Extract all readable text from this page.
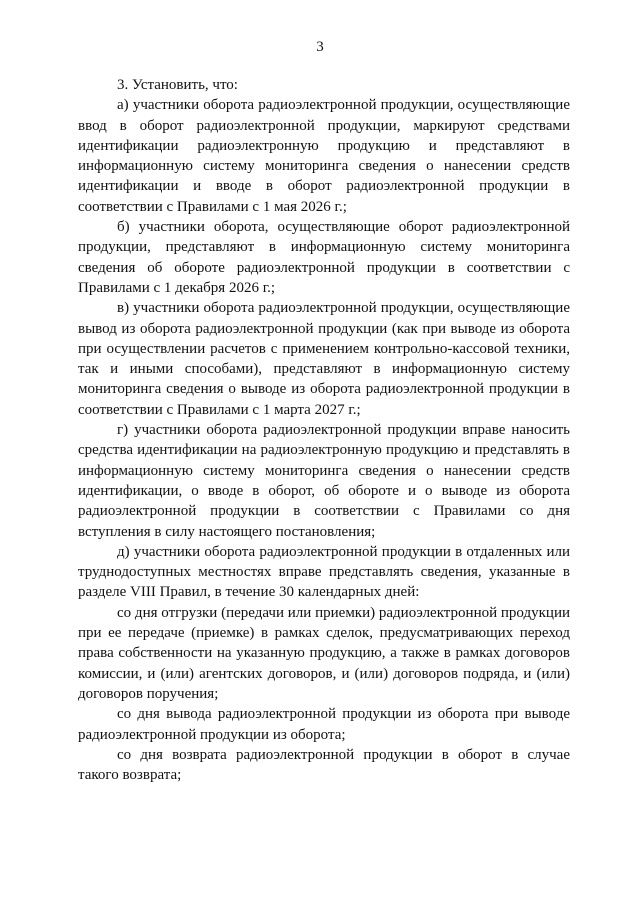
3

3. Установить, что:

а) участники оборота радиоэлектронной продукции, осуществляющие ввод в оборот радиоэлектронной продукции, маркируют средствами идентификации радиоэлектронную продукцию и представляют в информационную систему мониторинга сведения о нанесении средств идентификации и вводе в оборот радиоэлектронной продукции в соответствии с Правилами с 1 мая 2026 г.;

б) участники оборота, осуществляющие оборот радиоэлектронной продукции, представляют в информационную систему мониторинга сведения об обороте радиоэлектронной продукции в соответствии с Правилами с 1 декабря 2026 г.;

в) участники оборота радиоэлектронной продукции, осуществляющие вывод из оборота радиоэлектронной продукции (как при выводе из оборота при осуществлении расчетов с применением контрольно-кассовой техники, так и иными способами), представляют в информационную систему мониторинга сведения о выводе из оборота радиоэлектронной продукции в соответствии с Правилами с 1 марта 2027 г.;

г) участники оборота радиоэлектронной продукции вправе наносить средства идентификации на радиоэлектронную продукцию и представлять в информационную систему мониторинга сведения о нанесении средств идентификации, о вводе в оборот, об обороте и о выводе из оборота радиоэлектронной продукции в соответствии с Правилами со дня вступления в силу настоящего постановления;

д) участники оборота радиоэлектронной продукции в отдаленных или труднодоступных местностях вправе представлять сведения, указанные в разделе VIII Правил, в течение 30 календарных дней:

со дня отгрузки (передачи или приемки) радиоэлектронной продукции при ее передаче (приемке) в рамках сделок, предусматривающих переход права собственности на указанную продукцию, а также в рамках договоров комиссии, и (или) агентских договоров, и (или) договоров подряда, и (или) договоров поручения;

со дня вывода радиоэлектронной продукции из оборота при выводе радиоэлектронной продукции из оборота;

со дня возврата радиоэлектронной продукции в оборот в случае такого возврата;
